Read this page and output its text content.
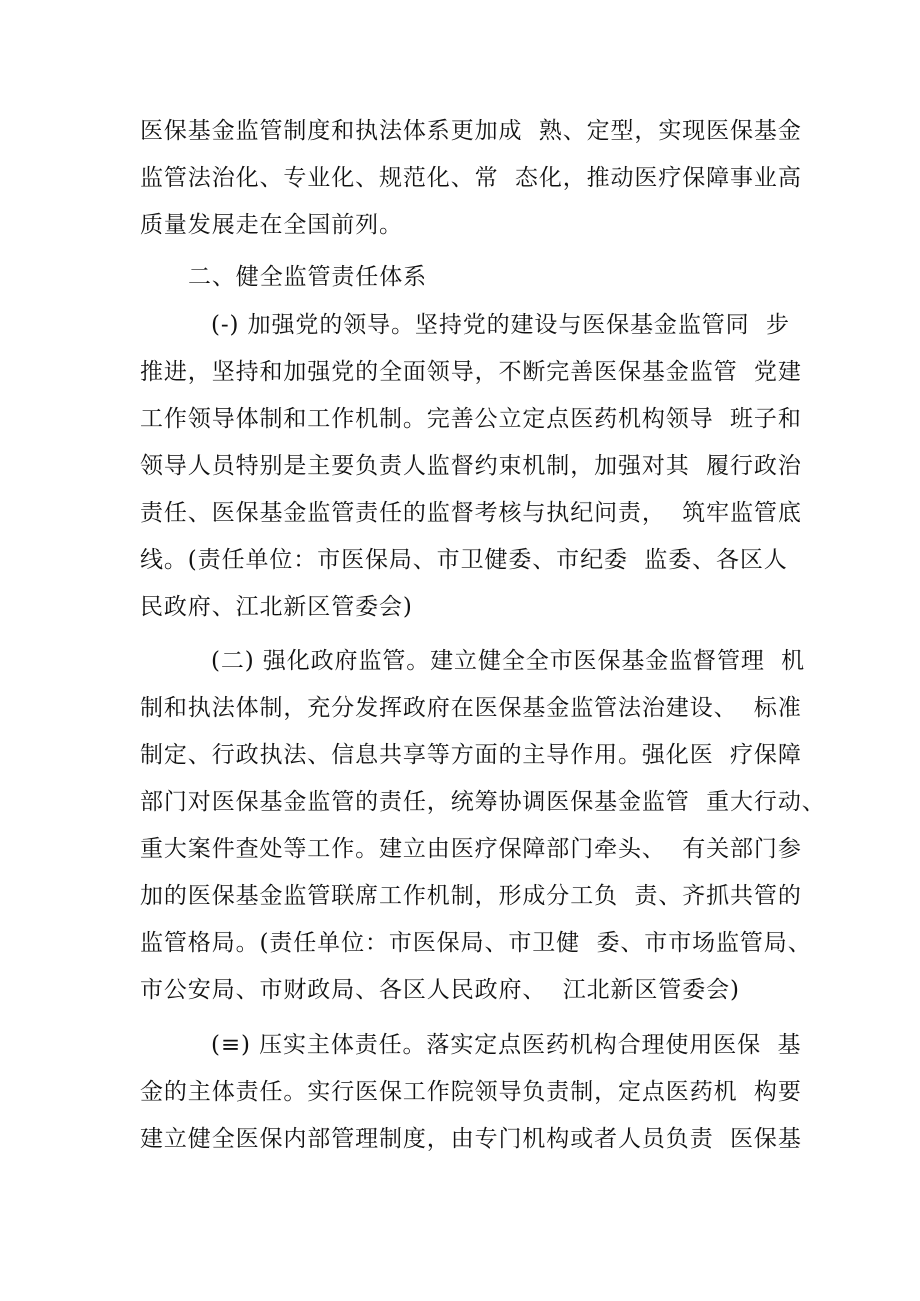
医保基金监管制度和执法体系更加成  熟、定型，实现医保基金

监管法治化、专业化、规范化、常  态化，推动医疗保障事业高

质量发展走在全国前列。

二、健全监管责任体系

(-) 加强党的领导。坚持党的建设与医保基金监管同  步

推进，坚持和加强党的全面领导，不断完善医保基金监管  党建

工作领导体制和工作机制。完善公立定点医药机构领导  班子和

领导人员特别是主要负责人监督约束机制，加强对其  履行政治

责任、医保基金监管责任的监督考核与执纪问责，  筑牢监管底

线。(责任单位：市医保局、市卫健委、市纪委  监委、各区人

民政府、江北新区管委会)

(二) 强化政府监管。建立健全全市医保基金监督管理  机

制和执法体制，充分发挥政府在医保基金监管法治建设、  标准

制定、行政执法、信息共享等方面的主导作用。强化医  疗保障

部门对医保基金监管的责任，统筹协调医保基金监管  重大行动、

重大案件查处等工作。建立由医疗保障部门牵头、  有关部门参

加的医保基金监管联席工作机制，形成分工负  责、齐抓共管的

监管格局。(责任单位：市医保局、市卫健  委、市市场监管局、

市公安局、市财政局、各区人民政府、  江北新区管委会)

(≡) 压实主体责任。落实定点医药机构合理使用医保  基

金的主体责任。实行医保工作院领导负责制，定点医药机  构要

建立健全医保内部管理制度，由专门机构或者人员负责  医保基
